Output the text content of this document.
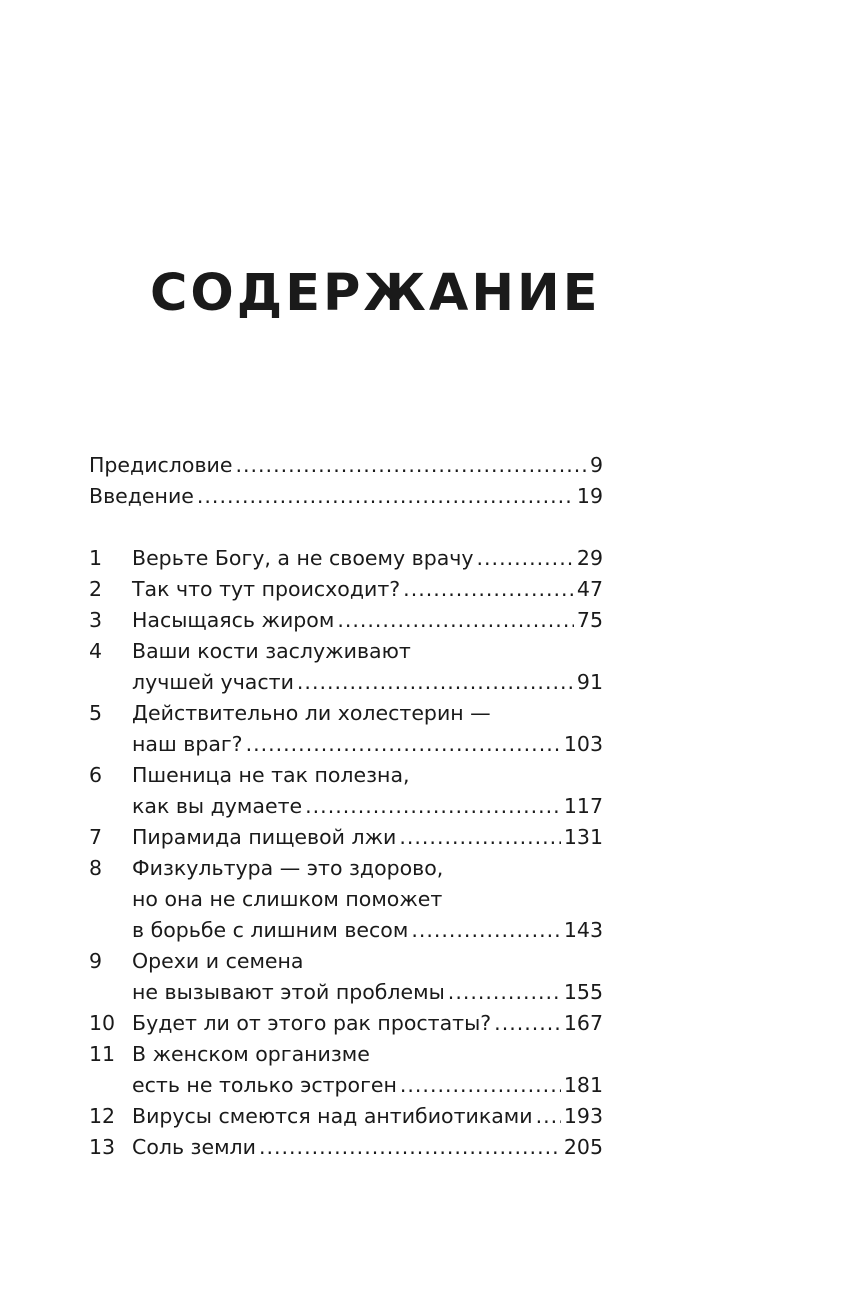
СОДЕРЖАНИЕ
Предисловие .....	9
Введение .....	19
1	Верьте Богу, а не своему врачу .....	29
2	Так что тут происходит? .....	47
3	Насыщаясь жиром .....	75
4	Ваши кости заслуживают
лучшей участи .....	91
5	Действительно ли холестерин —
наш враг? .....	103
6	Пшеница не так полезна,
как вы думаете .....	117
7	Пирамида пищевой лжи .....	131
8	Физкультура — это здорово,
но она не слишком поможет
в борьбе с лишним весом .....	143
9	Орехи и семена
не вызывают этой проблемы .....	155
10 Будет ли от этого рак простаты? .....	167
11 В женском организме
есть не только эстроген .....	181
12 Вирусы смеются над антибиотиками ..... 193
13 Соль земли .....	205
